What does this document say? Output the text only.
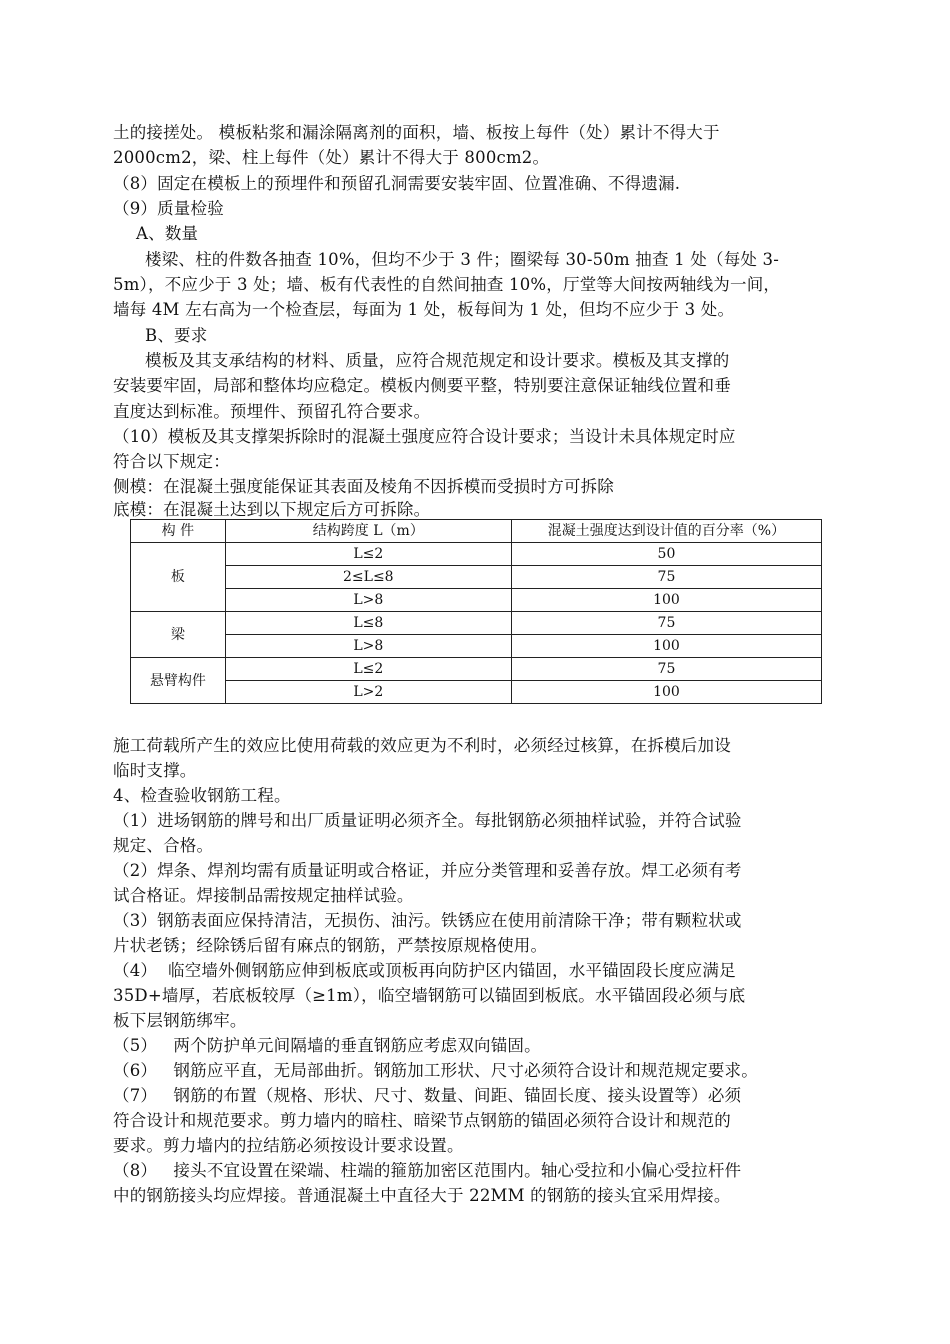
土的接搓处。 模板粘浆和漏涂隔离剂的面积，墙、板按上每件（处）累计不得大于
2000cm2，梁、柱上每件（处）累计不得大于 800cm2。
（8）固定在模板上的预埋件和预留孔洞需要安装牢固、位置准确、不得遗漏.
（9）质量检验
A、数量
楼梁、柱的件数各抽查 10%，但均不少于 3 件；圈梁每 30-50m 抽查 1 处（每处 3-
5m），不应少于 3 处；墙、板有代表性的自然间抽查 10%，厅堂等大间按两轴线为一间，
墙每 4M 左右高为一个检查层，每面为 1 处，板每间为 1 处，但均不应少于 3 处。
B、要求
模板及其支承结构的材料、质量，应符合规范规定和设计要求。模板及其支撑的
安装要牢固，局部和整体均应稳定。模板内侧要平整，特别要注意保证轴线位置和垂
直度达到标准。预埋件、预留孔符合要求。
（10）模板及其支撑架拆除时的混凝土强度应符合设计要求；当设计未具体规定时应
符合以下规定：
侧模：在混凝土强度能保证其表面及棱角不因拆模而受损时方可拆除
底模：在混凝土达到以下规定后方可拆除。
构 件	结构跨度 L（m）	混凝土强度达到设计值的百分率（%）
板	L≤2	50
	2≤L≤8	75
	L>8	100
梁	L≤8	75
	L>8	100
悬臂构件	L≤2	75
	L>2	100
施工荷载所产生的效应比使用荷载的效应更为不利时，必须经过核算，在拆模后加设
临时支撑。
4、检查验收钢筋工程。
（1）进场钢筋的牌号和出厂质量证明必须齐全。每批钢筋必须抽样试验，并符合试验
规定、合格。
（2）焊条、焊剂均需有质量证明或合格证，并应分类管理和妥善存放。焊工必须有考
试合格证。焊接制品需按规定抽样试验。
（3）钢筋表面应保持清洁，无损伤、油污。铁锈应在使用前清除干净；带有颗粒状或
片状老锈；经除锈后留有麻点的钢筋，严禁按原规格使用。
（4）  临空墙外侧钢筋应伸到板底或顶板再向防护区内锚固，水平锚固段长度应满足
35D+墙厚，若底板较厚（≥1m），临空墙钢筋可以锚固到板底。水平锚固段必须与底
板下层钢筋绑牢。
（5）   两个防护单元间隔墙的垂直钢筋应考虑双向锚固。
（6）   钢筋应平直，无局部曲折。钢筋加工形状、尺寸必须符合设计和规范规定要求。
（7）   钢筋的布置（规格、形状、尺寸、数量、间距、锚固长度、接头设置等）必须
符合设计和规范要求。剪力墙内的暗柱、暗梁节点钢筋的锚固必须符合设计和规范的
要求。剪力墙内的拉结筋必须按设计要求设置。
（8）   接头不宜设置在梁端、柱端的箍筋加密区范围内。轴心受拉和小偏心受拉杆件
中的钢筋接头均应焊接。普通混凝土中直径大于 22MM 的钢筋的接头宜采用焊接。
